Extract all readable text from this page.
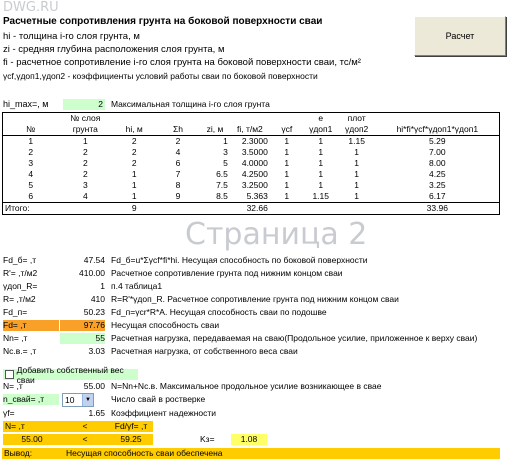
DWG.RU
Страница 2
Расчетные сопротивления грунта на боковой поверхности сваи
hi - толщина i-го слоя грунта, м
zi - средняя глубина расположения слоя грунта, м
fi - расчетное сопротивление i-го слоя грунта на боковой поверхности сваи, тс/м²
γcf,γдоп1,γдоп2 - коэффициенты условий работы сваи по боковой поверхности
Расчет
hi_max=, м	2 Максимальная толщина i-го слоя грунта
	№ слоя						е	плот	
№	грунта	hi, м	Σh	zi, м	fi, т/м2	γcf	γдоп1	γдоп2	hi*fi*γcf*γдоп1*γдоп1
1	1	2	2	1	2.3000	1	1	1.15	5.29
2	2	2	4	3	3.5000	1	1	1	7.00
3	2	2	6	5	4.0000	1	1	1	8.00
4	2	1	7	6.5	4.2500	1	1	1	4.25
5	3	1	8	7.5	3.2500	1	1	1	3.25
6	4	1	9	8.5	5.363	1	1.15	1	6.17
Итого:		9			32.66				33.96
Fd_б= ,т	47.54 Fd_б=u*Σγcf*fi*hi. Несущая способность по боковой поверхности
R'= ,т/м2	410.00 Расчетное сопротивление грунта под нижним концом сваи
γдоп_R=	1 п.4 таблица1
R= ,т/м2	410 R=R'*γдоп_R. Расчетное сопротивление грунта под нижним концом сваи
Fd_п=	50.23 Fd_п=γcr*R*A. Несущая способность сваи по подошве
Fd= ,т	97.76 Несущая способность сваи
Nn= ,т	55 Расчетная нагрузка, передаваемая на сваю(Продольное усилие, приложенное к верху сваи)
Nс.в.= ,т	3.03 Расчетная нагрузка, от собственного веса сваи
Добавить собственный вес сваи
N= ,т	55.00 N=Nn+Nc.в. Максимальное продольное усилие возникающее в свае
n_свай= ,т	10	▼ Число свай в ростверке
γf=	1.65 Коэффициент надежности
N= ,т	<	Fd/γf= ,т
55.00	<	59.25	Kз=	1.08
Вывод:	Несущая способность сваи обеспечена
